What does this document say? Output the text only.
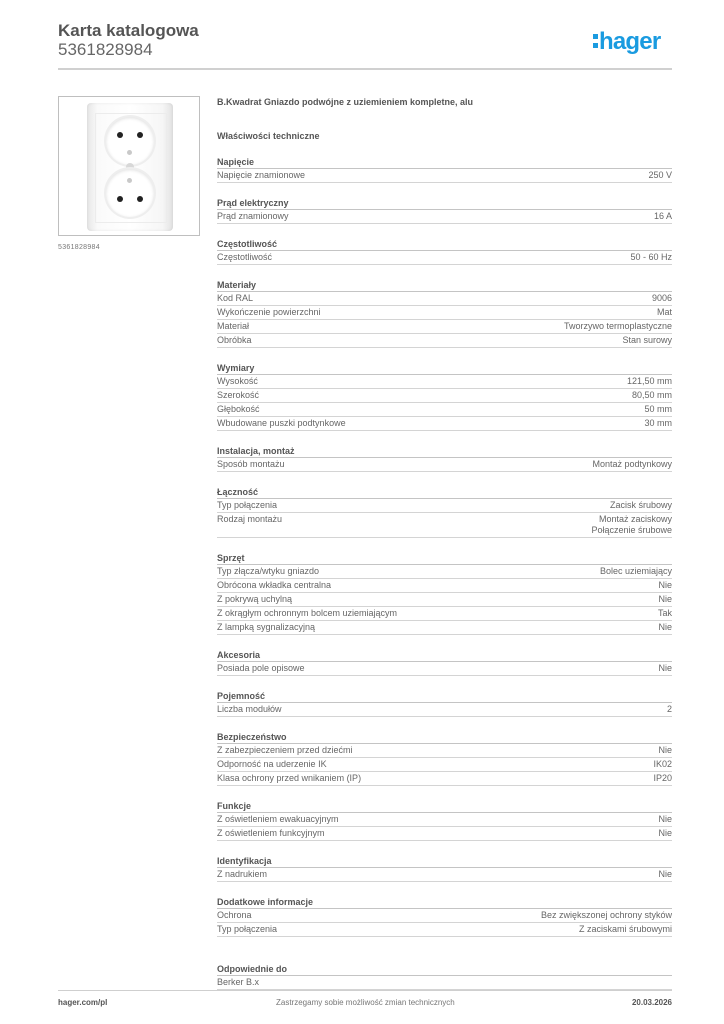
Karta katalogowa
5361828984	hager
5361828984
B.Kwadrat Gniazdo podwójne z uziemieniem kompletne, alu
Właściwości techniczne
Napięcie
Napięcie znamionowe	250 V
Prąd elektryczny
Prąd znamionowy	16 A
Częstotliwość
Częstotliwość	50 - 60 Hz
Materiały
Kod RAL	9006
Wykończenie powierzchni	Mat
Materiał	Tworzywo termoplastyczne
Obróbka	Stan surowy
Wymiary
Wysokość	121,50 mm
Szerokość	80,50 mm
Głębokość	50 mm
Wbudowane puszki podtynkowe	30 mm
Instalacja, montaż
Sposób montażu	Montaż podtynkowy
Łączność
Typ połączenia	Zacisk śrubowy
Rodzaj montażu	Montaż zaciskowy
Połączenie śrubowe
Sprzęt
Typ złącza/wtyku gniazdo	Bolec uziemiający
Obrócona wkładka centralna	Nie
Z pokrywą uchylną	Nie
Z okrągłym ochronnym bolcem uziemiającym	Tak
Z lampką sygnalizacyjną	Nie
Akcesoria
Posiada pole opisowe	Nie
Pojemność
Liczba modułów	2
Bezpieczeństwo
Z zabezpieczeniem przed dziećmi	Nie
Odporność na uderzenie IK	IK02
Klasa ochrony przed wnikaniem (IP)	IP20
Funkcje
Z oświetleniem ewakuacyjnym	Nie
Z oświetleniem funkcyjnym	Nie
Identyfikacja
Z nadrukiem	Nie
Dodatkowe informacje
Ochrona	Bez zwiększonej ochrony styków
Typ połączenia	Z zaciskami śrubowymi
Odpowiednie do
Berker B.x
hager.com/pl	Zastrzegamy sobie możliwość zmian technicznych	20.03.2026
